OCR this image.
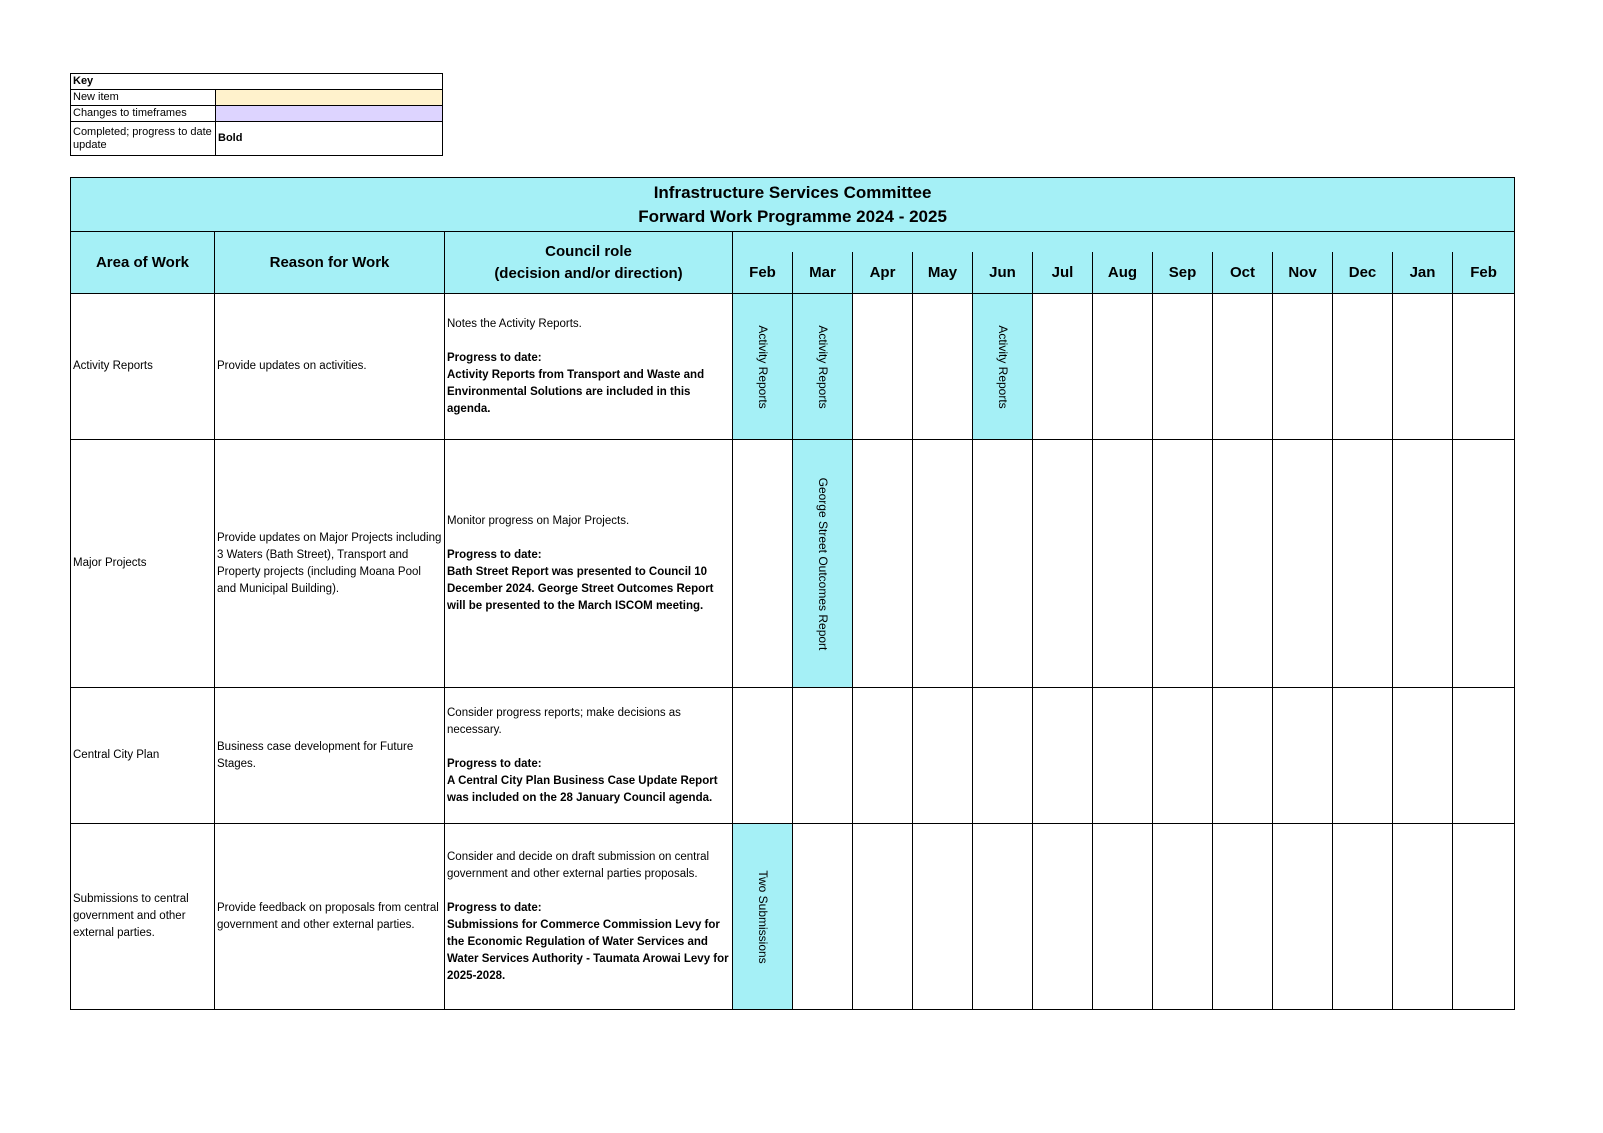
Key	
New item	
Changes to timeframes	
Completed; progress to date update	Bold
Infrastructure Services Committee
Forward Work Programme 2024 - 2025															

Area of Work	Reason for Work	Council role
(decision and/or direction)													

			Feb	Mar	Apr	May	Jun	Jul	Aug	Sep	Oct	Nov	Dec	Jan	Feb
Activity Reports	Provide updates on activities.	Notes the Activity Reports.
Progress to date:
Activity Reports from Transport and Waste and Environmental Solutions are included in this agenda.	Activity Reports	Activity Reports			Activity Reports								

Major Projects	Provide updates on Major Projects including 3 Waters (Bath Street), Transport and Property projects (including Moana Pool and Municipal Building).	Monitor progress on Major Projects.
Progress to date:
Bath Street Report was presented to Council 10 December 2024. George Street Outcomes Report will be presented to the March ISCOM meeting.		George Street Outcomes Report											

Central City Plan	Business case development for Future Stages.	Consider progress reports; make decisions as necessary.
Progress to date:
A Central City Plan Business Case Update Report was included on the 28 January Council agenda.													

Submissions to central government and other external parties.	Provide feedback on proposals from central government and other external parties.	Consider and decide on draft submission on central government and other external parties proposals.
Progress to date:
Submissions for Commerce Commission Levy for the Economic Regulation of Water Services and Water Services Authority - Taumata Arowai Levy for 2025-2028.	Two Submissions												
